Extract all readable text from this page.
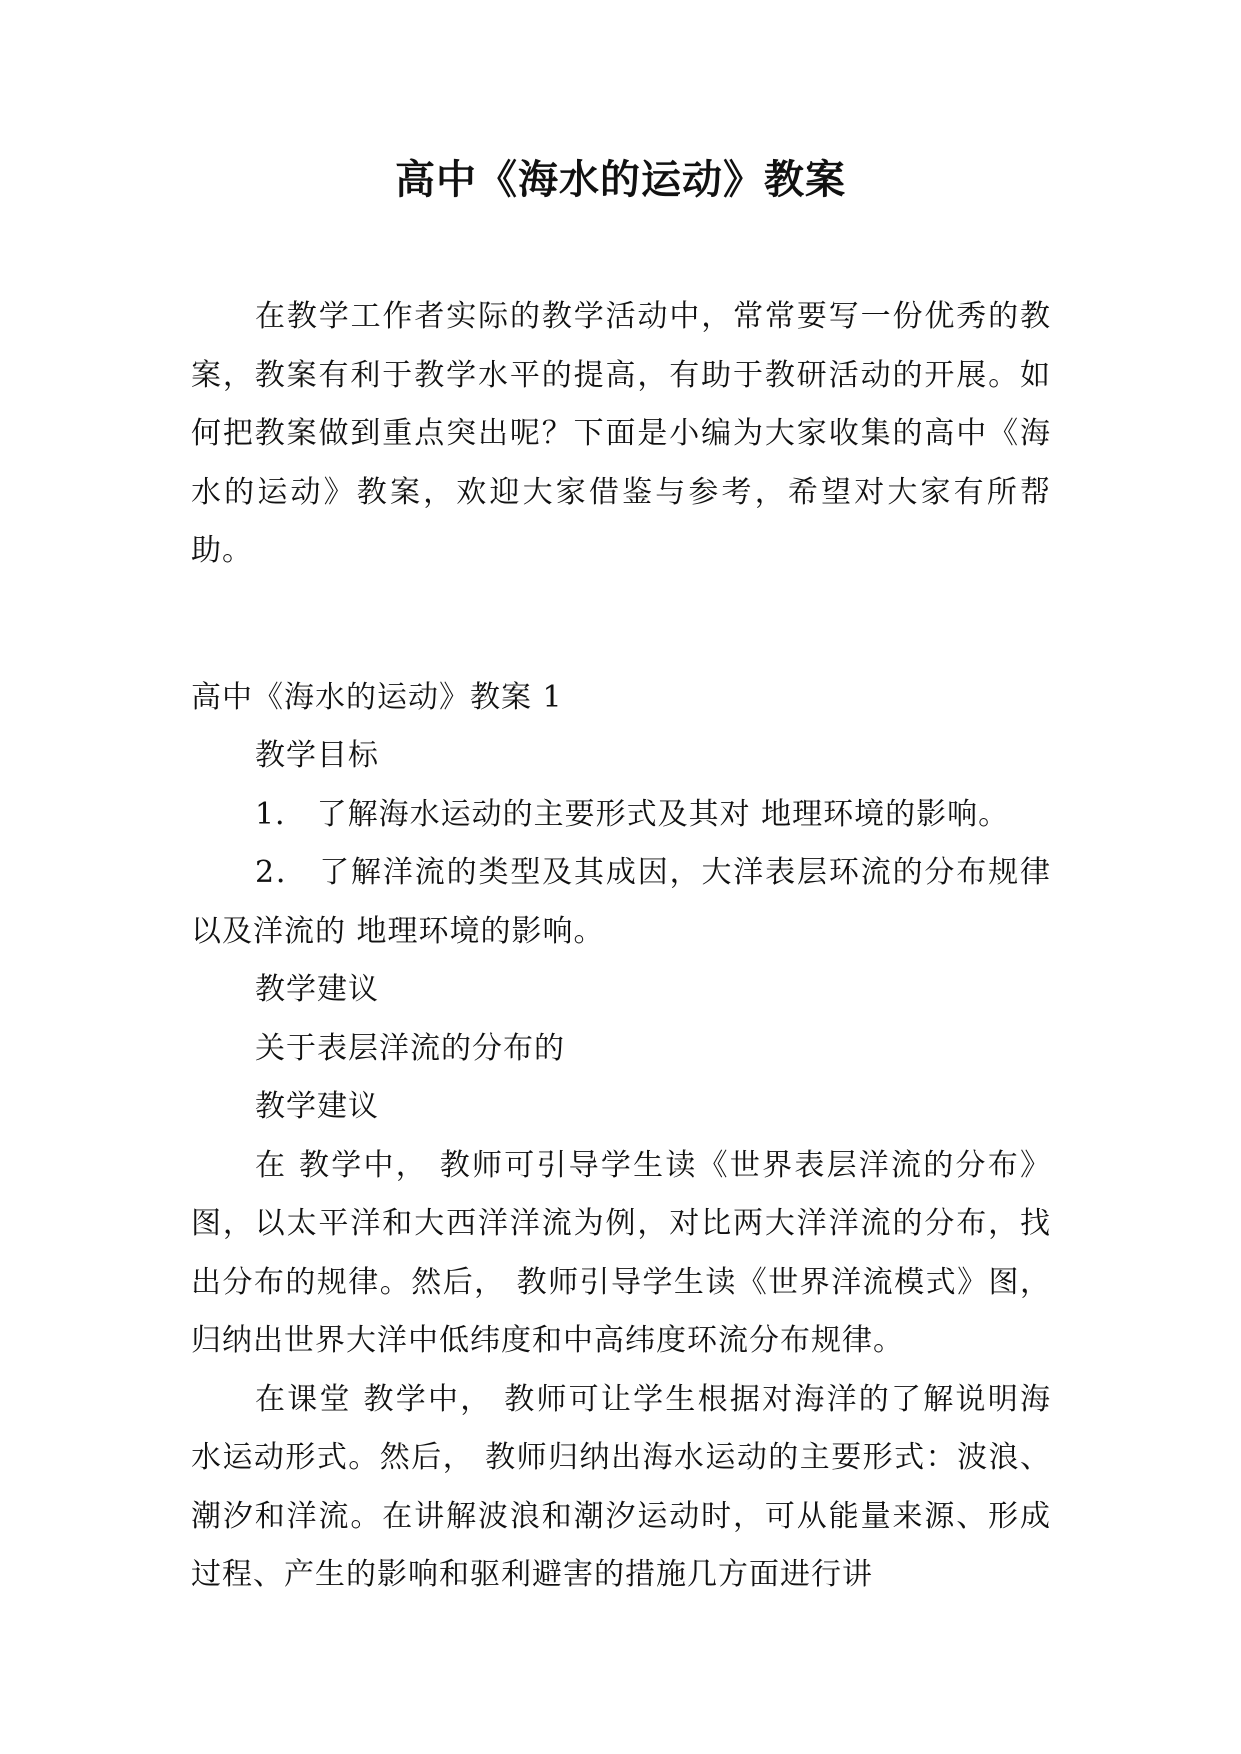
高中《海水的运动》教案

在教学工作者实际的教学活动中，常常要写一份优秀的教案，教案有利于教学水平的提高，有助于教研活动的开展。如何把教案做到重点突出呢？下面是小编为大家收集的高中《海水的运动》教案，欢迎大家借鉴与参考，希望对大家有所帮助。

高中《海水的运动》教案 1

教学目标

1． 了解海水运动的主要形式及其对 地理环境的影响。

2． 了解洋流的类型及其成因，大洋表层环流的分布规律以及洋流的 地理环境的影响。

教学建议

关于表层洋流的分布的

教学建议

在 教学中， 教师可引导学生读《世界表层洋流的分布》图，以太平洋和大西洋洋流为例，对比两大洋洋流的分布，找出分布的规律。然后， 教师引导学生读《世界洋流模式》图，归纳出世界大洋中低纬度和中高纬度环流分布规律。

在课堂 教学中， 教师可让学生根据对海洋的了解说明海水运动形式。然后， 教师归纳出海水运动的主要形式：波浪、潮汐和洋流。在讲解波浪和潮汐运动时，可从能量来源、形成过程、产生的影响和驱利避害的措施几方面进行讲
